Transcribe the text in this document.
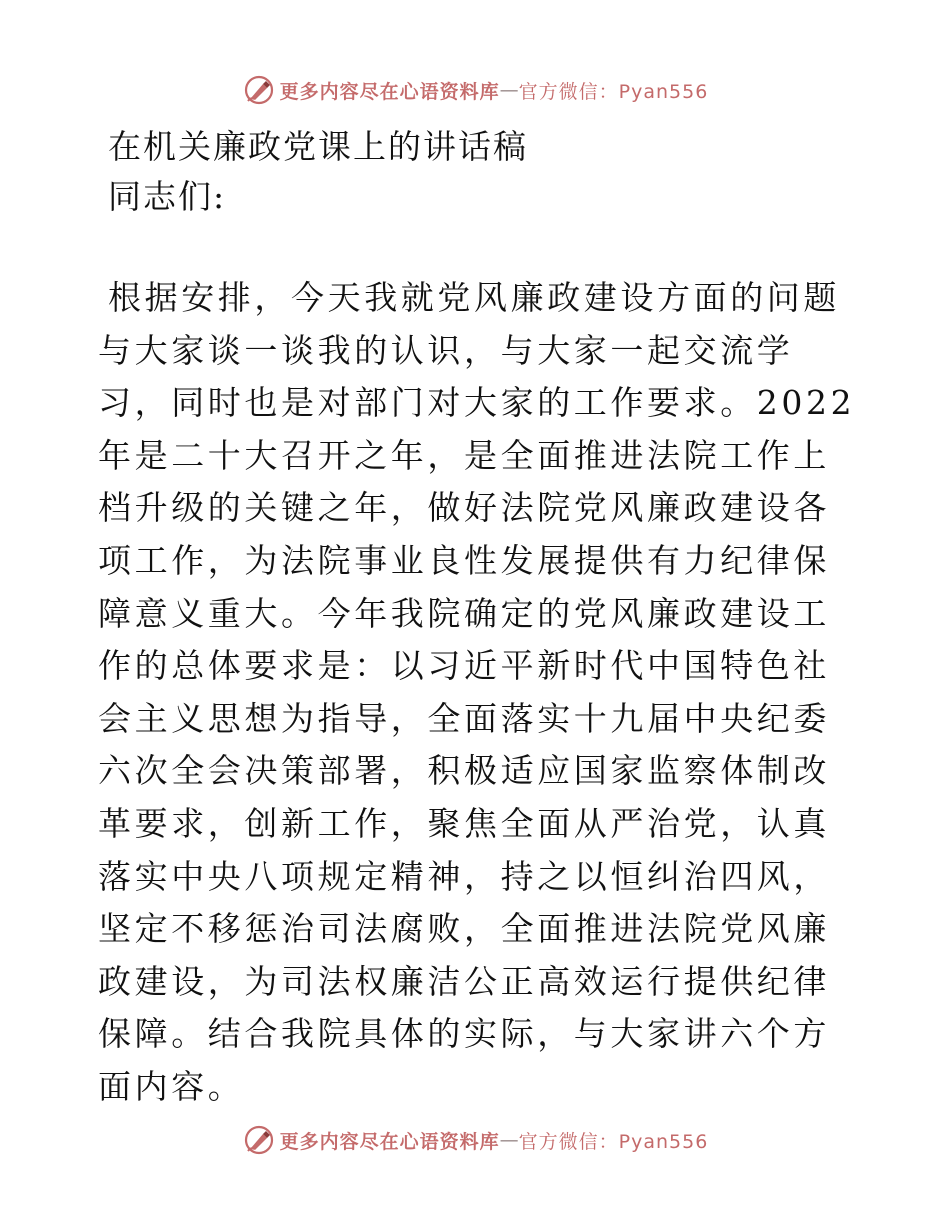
更多内容尽在心语资料库 — 官方微信：Pyan556
在机关廉政党课上的讲话稿
同志们:

根据安排，今天我就党风廉政建设方面的问题与大家谈一谈我的认识，与大家一起交流学习，同时也是对部门对大家的工作要求。2022年是二十大召开之年，是全面推进法院工作上档升级的关键之年，做好法院党风廉政建设各项工作，为法院事业良性发展提供有力纪律保障意义重大。今年我院确定的党风廉政建设工作的总体要求是：以习近平新时代中国特色社会主义思想为指导，全面落实十九届中央纪委六次全会决策部署，积极适应国家监察体制改革要求，创新工作，聚焦全面从严治党，认真落实中央八项规定精神，持之以恒纠治四风，坚定不移惩治司法腐败，全面推进法院党风廉政建设，为司法权廉洁公正高效运行提供纪律保障。结合我院具体的实际，与大家讲六个方面内容。

更多内容尽在心语资料库 — 官方微信：Pyan556
